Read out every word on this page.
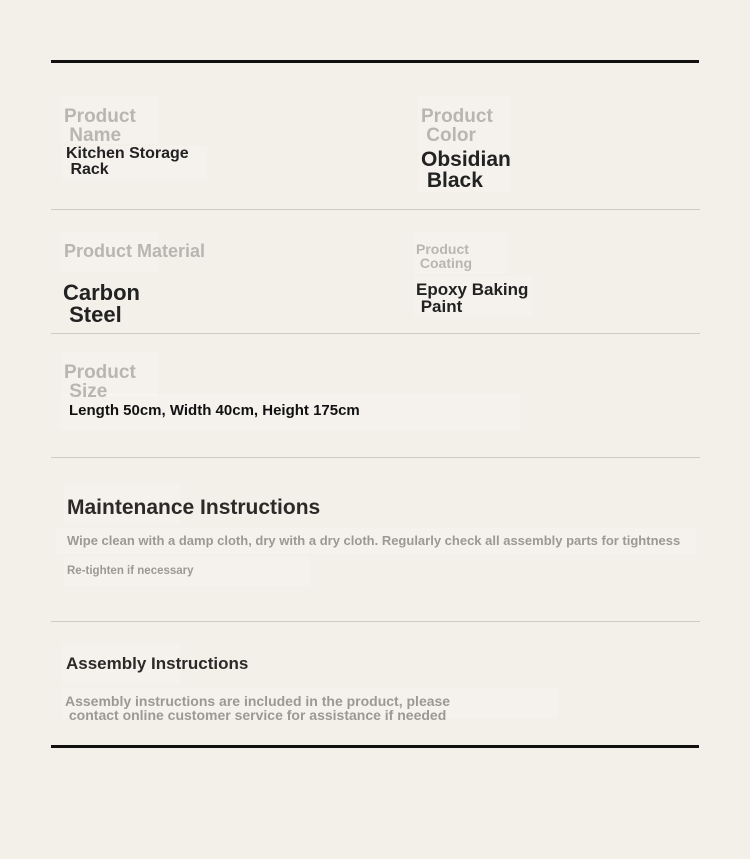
Product
Name
Kitchen Storage
Rack
Product
Color
Obsidian
Black
Product Material
Carbon
Steel
Product
Coating
Epoxy Baking
Paint
Product
Size
Length 50cm, Width 40cm, Height 175cm
Maintenance Instructions
Wipe clean with a damp cloth, dry with a dry cloth. Regularly check all assembly parts for tightness
Re-tighten if necessary
Assembly Instructions
Assembly instructions are included in the product, please
contact online customer service for assistance if needed
